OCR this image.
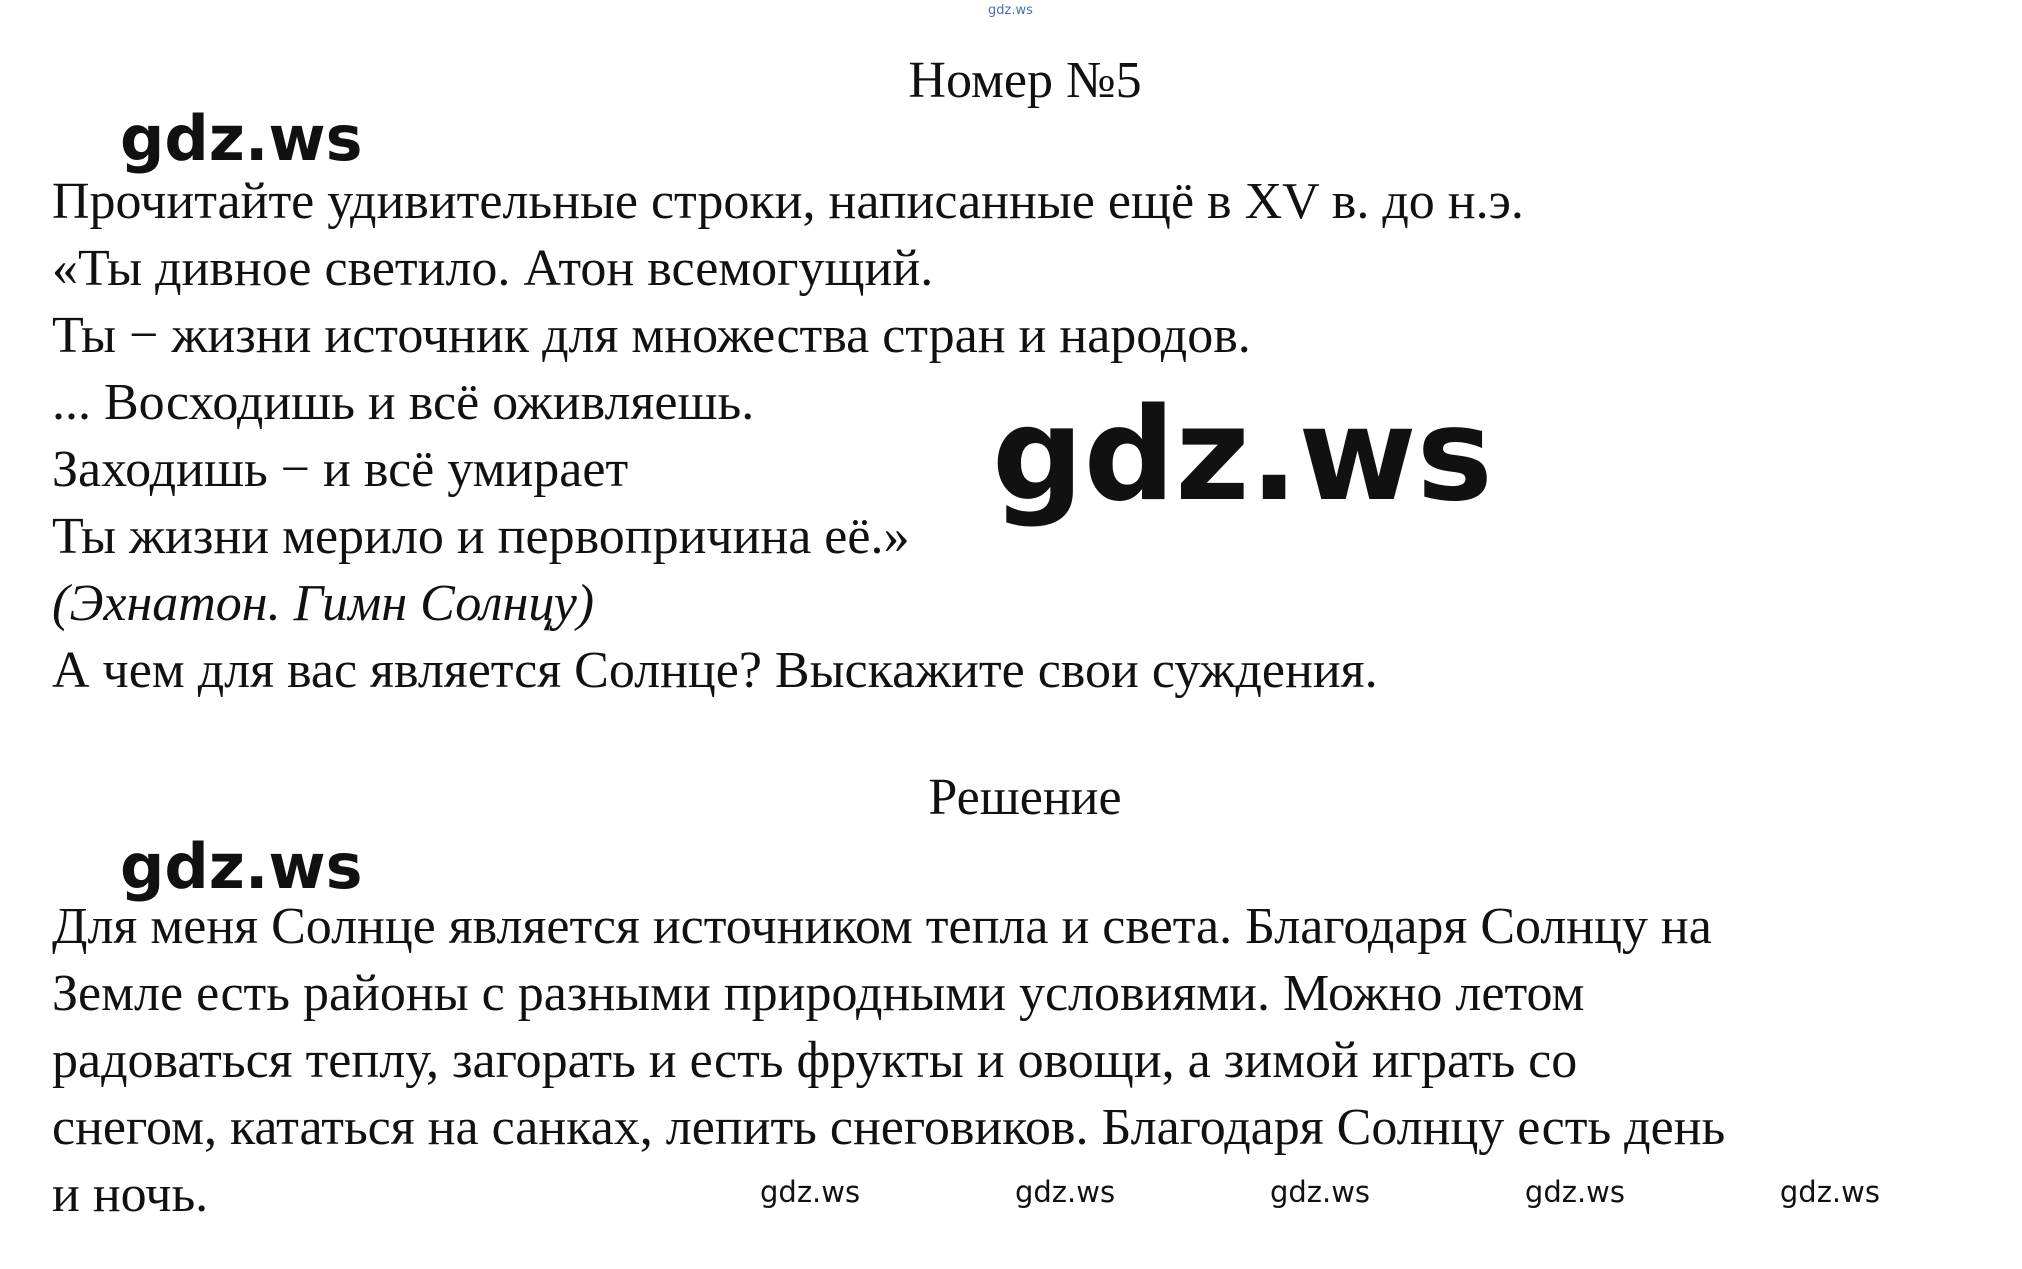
gdz.ws
Номер №5
gdz.ws
Прочитайте удивительные строки, написанные ещё в XV в. до н.э.
«Ты дивное светило. Атон всемогущий.
Ты − жизни источник для множества стран и народов.
... Восходишь и всё оживляешь.
Заходишь − и всё умирает
Ты жизни мерило и первопричина её.»
(Эхнатон. Гимн Солнцу)
А чем для вас является Солнце? Выскажите свои суждения.
gdz.ws
Решение
gdz.ws
Для меня Солнце является источником тепла и света. Благодаря Солнцу на
Земле есть районы с разными природными условиями. Можно летом
радоваться теплу, загорать и есть фрукты и овощи, а зимой играть со
снегом, кататься на санках, лепить снеговиков. Благодаря Солнцу есть день
и ночь.	gdz.ws	gdz.ws	gdz.ws	gdz.ws	gdz.ws
